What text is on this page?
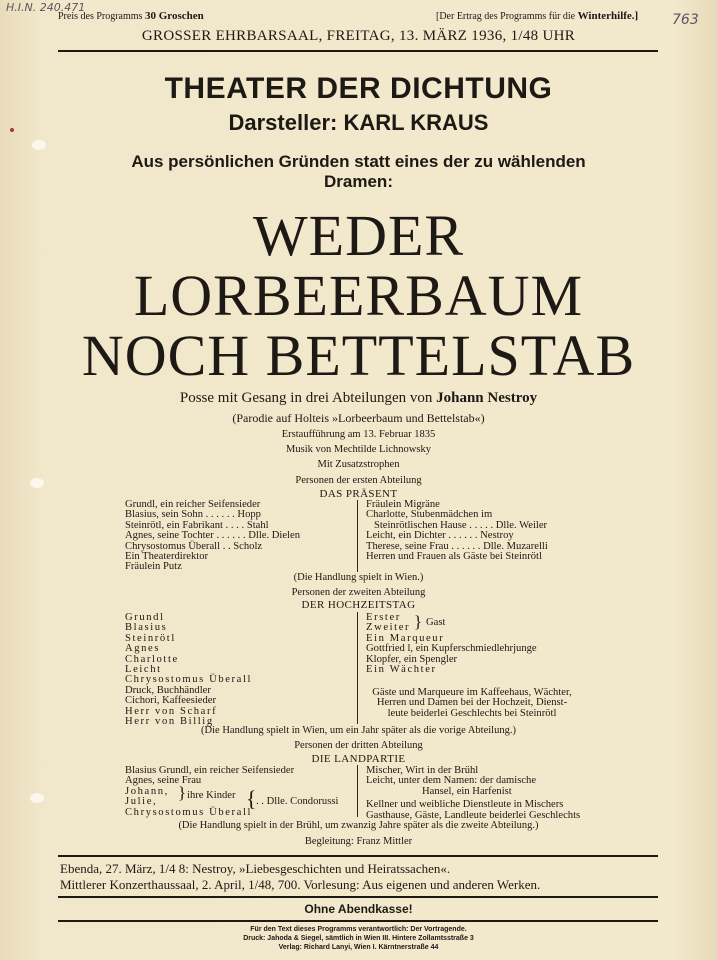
H.I.N. 240.471
763
Preis des Programms 30 Groschen	[Der Ertrag des Programms für die Winterhilfe.]
GROSSER EHRBARSAAL, FREITAG, 13. MÄRZ 1936, 1/48 UHR
THEATER DER DICHTUNG
Darsteller: KARL KRAUS
Aus persönlichen Gründen statt eines der zu wählenden
Dramen:
WEDER
LORBEERBAUM
NOCH BETTELSTAB
Posse mit Gesang in drei Abteilungen von Johann Nestroy
(Parodie auf Holteis »Lorbeerbaum und Bettelstab«)
Erstaufführung am 13. Februar 1835
Musik von Mechtilde Lichnowsky
Mit Zusatzstrophen
Personen der ersten Abteilung
DAS PRÄSENT
Grundl, ein reicher Seifensieder
Blasius, sein Sohn . . . . . . Hopp
Steinrötl, ein Fabrikant . . . . Stahl
Agnes, seine Tochter . . . . . . Dlle. Dielen
Chrysostomus Überall . . Scholz
Ein Theaterdirektor
Fräulein Putz
Fräulein Migräne
Charlotte, Stubenmädchen im
Steinrötlischen Hause . . . . . Dlle. Weiler
Leicht, ein Dichter . . . . . . Nestroy
Therese, seine Frau . . . . . . Dlle. Muzarelli
Herren und Frauen als Gäste bei Steinrötl
(Die Handlung spielt in Wien.)
Personen der zweiten Abteilung
DER HOCHZEITSTAG
Grundl
Blasius
Steinrötl
Agnes
Charlotte
Leicht
Chrysostomus Überall
Druck, Buchhändler
Cichori, Kaffeesieder
Herr von Scharf
Herr von Billig
Erster
Zweiter
Ein Marqueur
Gottfried l, ein Kupferschmiedlehrjunge
Klopfer, ein Spengler
Ein Wächter
} Gast
Gäste und Marqueure im Kaffeehaus, Wächter,
Herren und Damen bei der Hochzeit, Dienst-
leute beiderlei Geschlechts bei Steinrötl
(Die Handlung spielt in Wien, um ein Jahr später als die vorige Abteilung.)
Personen der dritten Abteilung
DIE LANDPARTIE
Blasius Grundl, ein reicher Seifensieder
Agnes, seine Frau
Johann,
Julie,
Chrysostomus Überall
} ihre Kinder { . . Dlle. Condorussi
Mischer, Wirt in der Brühl
Leicht, unter dem Namen: der damische
Hansel, ein Harfenist
Kellner und weibliche Dienstleute in Mischers
Gasthause, Gäste, Landleute beiderlei Geschlechts
(Die Handlung spielt in der Brühl, um zwanzig Jahre später als die zweite Abteilung.)
Begleitung: Franz Mittler
Ebenda, 27. März, 1/4 8: Nestroy, »Liebesgeschichten und Heiratssachen«.
Mittlerer Konzerthaussaal, 2. April, 1/48, 700. Vorlesung: Aus eigenen und anderen Werken.
Ohne Abendkasse!
Für den Text dieses Programms verantwortlich: Der Vortragende.
Druck: Jahoda & Siegel, sämtlich in Wien III. Hintere Zollamtsstraße 3
Verlag: Richard Lanyi, Wien I. Kärntnerstraße 44
